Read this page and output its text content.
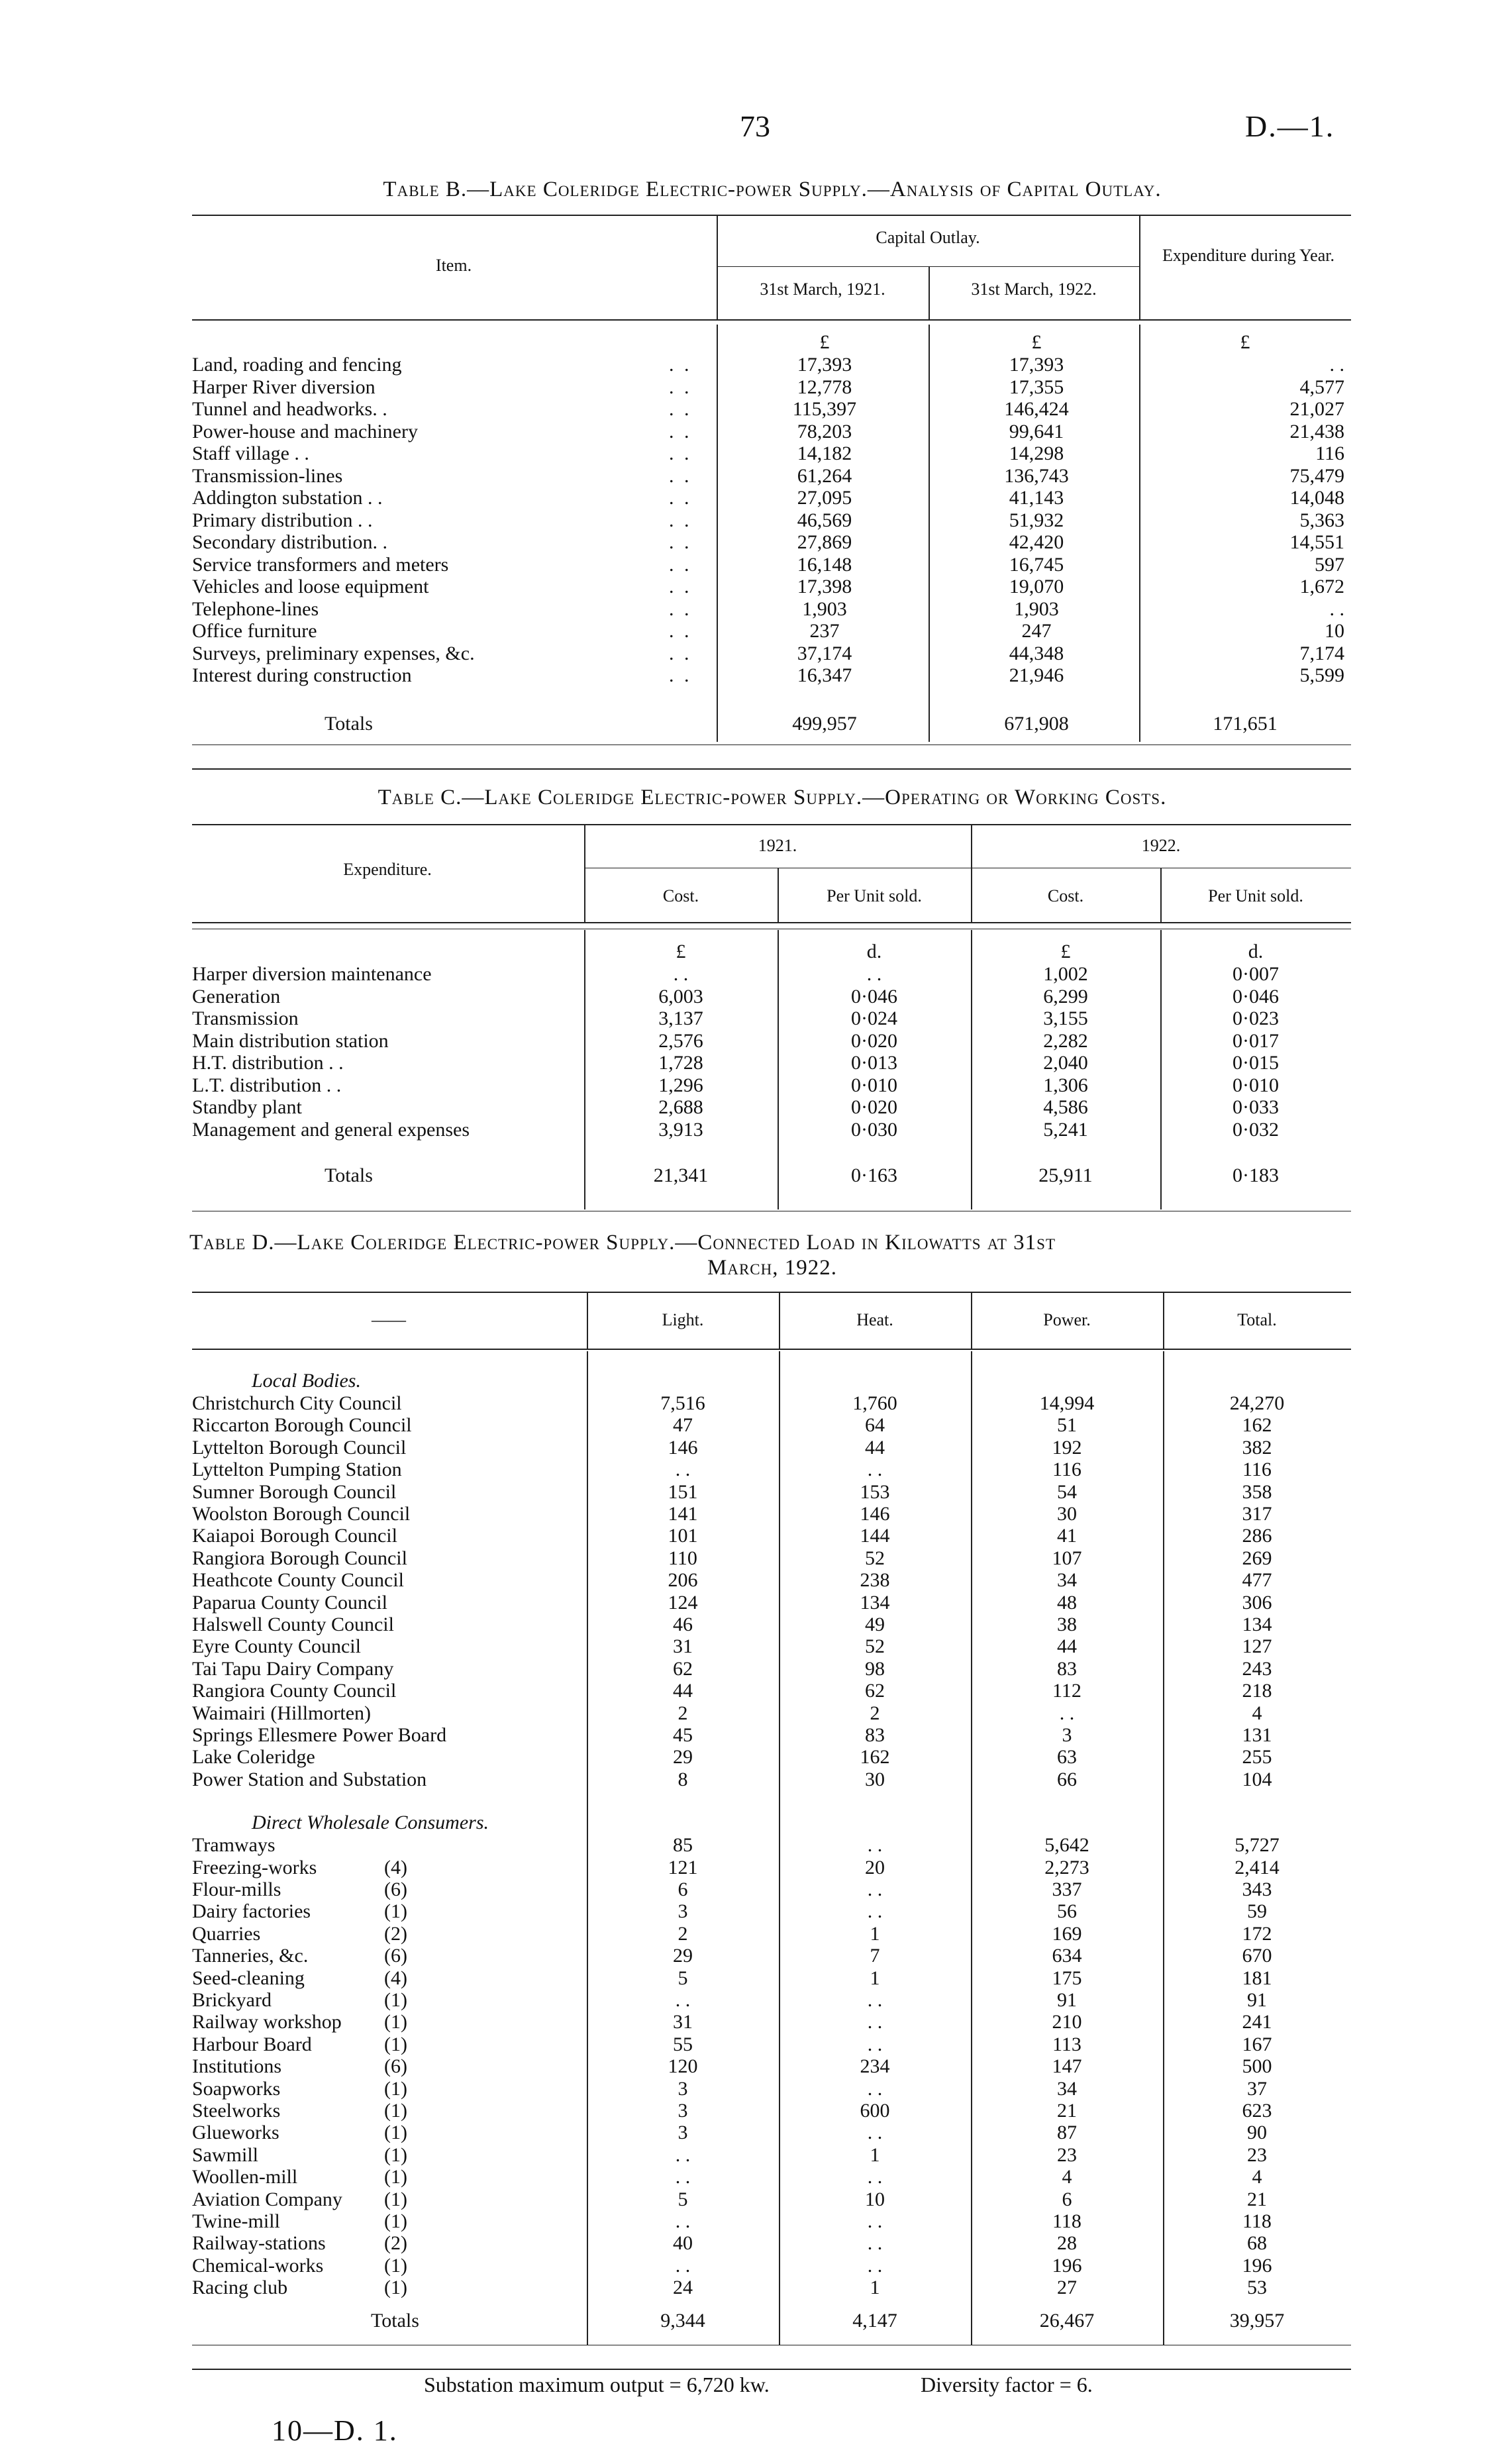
73	D.—1.
Table B.—Lake Coleridge Electric-power Supply.—Analysis of Capital Outlay.
Item.
Capital Outlay.
31st March, 1921.	31st March, 1922.
Expenditure during Year.
£	£	£
Land, roading and fencing	. .	17,393	17,393	. .
Harper River diversion	. .	12,778	17,355	4,577
Tunnel and headworks. .	. .	115,397	146,424	21,027
Power-house and machinery	. .	78,203	99,641	21,438
Staff village . .	. .	14,182	14,298	116
Transmission-lines	. .	61,264	136,743	75,479
Addington substation . .	. .	27,095	41,143	14,048
Primary distribution . .	. .	46,569	51,932	5,363
Secondary distribution. .	. .	27,869	42,420	14,551
Service transformers and meters	. .	16,148	16,745	597
Vehicles and loose equipment	. .	17,398	19,070	1,672
Telephone-lines	. .	1,903	1,903	. .
Office furniture	. .	237	247	10
Surveys, preliminary expenses, &c.	. .	37,174	44,348	7,174
Interest during construction	. .	16,347	21,946	5,599
Totals	499,957	671,908	171,651
Table C.—Lake Coleridge Electric-power Supply.—Operating or Working Costs.
Expenditure.
1921.	1922.
Cost.	Per Unit sold.	Cost.	Per Unit sold.
£	d.	£	d.
Harper diversion maintenance	. .	. .	1,002	0·007
Generation	6,003	0·046	6,299	0·046
Transmission	3,137	0·024	3,155	0·023
Main distribution station	2,576	0·020	2,282	0·017
H.T. distribution . .	1,728	0·013	2,040	0·015
L.T. distribution . .	1,296	0·010	1,306	0·010
Standby plant	2,688	0·020	4,586	0·033
Management and general expenses	3,913	0·030	5,241	0·032
Totals	21,341	0·163	25,911	0·183
Table D.—Lake Coleridge Electric-power Supply.—Connected Load in Kilowatts at 31st
March, 1922.
——	Light.	Heat.	Power.	Total.
Local Bodies.
Christchurch City Council	7,516	1,760	14,994	24,270
Riccarton Borough Council	47	64	51	162
Lyttelton Borough Council	146	44	192	382
Lyttelton Pumping Station	. .	. .	116	116
Sumner Borough Council	151	153	54	358
Woolston Borough Council	141	146	30	317
Kaiapoi Borough Council	101	144	41	286
Rangiora Borough Council	110	52	107	269
Heathcote County Council	206	238	34	477
Paparua County Council	124	134	48	306
Halswell County Council	46	49	38	134
Eyre County Council	31	52	44	127
Tai Tapu Dairy Company	62	98	83	243
Rangiora County Council	44	62	112	218
Waimairi (Hillmorten)	2	2	. .	4
Springs Ellesmere Power Board	45	83	3	131
Lake Coleridge	29	162	63	255
Power Station and Substation	8	30	66	104
Direct Wholesale Consumers.
Tramways	85	. .	5,642	5,727
Freezing-works	(4)	121	20	2,273	2,414
Flour-mills	(6)	6	. .	337	343
Dairy factories	(1)	3	. .	56	59
Quarries	(2)	2	1	169	172
Tanneries, &c.	(6)	29	7	634	670
Seed-cleaning	(4)	5	1	175	181
Brickyard	(1)	. .	. .	91	91
Railway workshop (1)	31	. .	210	241
Harbour Board	(1)	55	. .	113	167
Institutions	(6)	120	234	147	500
Soapworks	(1)	3	. .	34	37
Steelworks	(1)	3	600	21	623
Glueworks	(1)	3	. .	87	90
Sawmill	(1)	. .	1	23	23
Woollen-mill	(1)	. .	. .	4	4
Aviation Company (1)	5	10	6	21
Twine-mill	(1)	. .	. .	118	118
Railway-stations	(2)	40	. .	28	68
Chemical-works	(1)	. .	. .	196	196
Racing club	(1)	24	1	27	53
Totals	9,344	4,147	26,467	39,957
Substation maximum output = 6,720 kw.	Diversity factor = 6.
10—D. 1.
